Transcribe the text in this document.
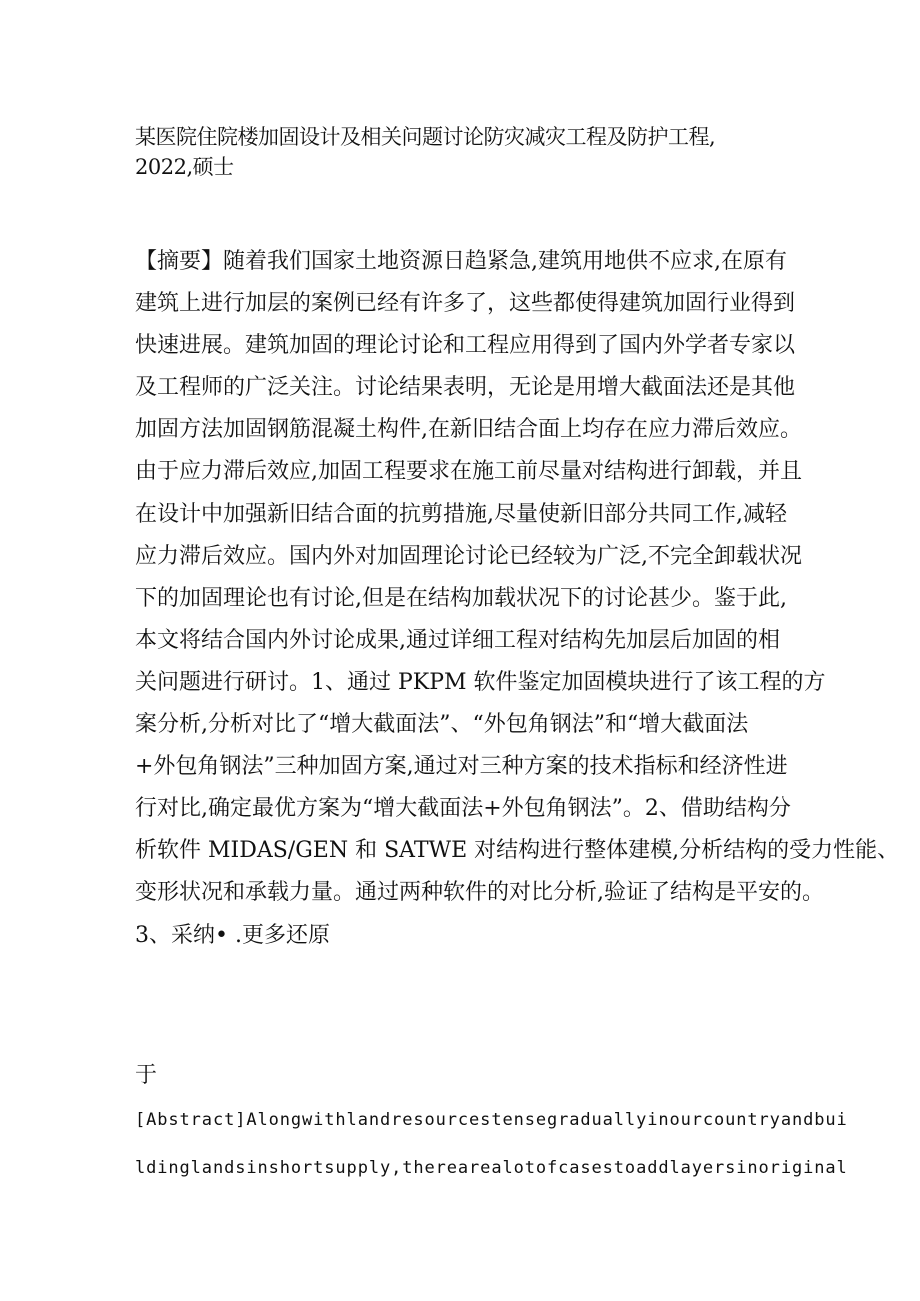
某医院住院楼加固设计及相关问题讨论防灾减灾工程及防护工程,
2022,硕士
【摘要】随着我们国家土地资源日趋紧急,建筑用地供不应求,在原有
建筑上进行加层的案例已经有许多了，这些都使得建筑加固行业得到
快速进展。建筑加固的理论讨论和工程应用得到了国内外学者专家以
及工程师的广泛关注。讨论结果表明，无论是用增大截面法还是其他
加固方法加固钢筋混凝土构件,在新旧结合面上均存在应力滞后效应。
由于应力滞后效应,加固工程要求在施工前尽量对结构进行卸载，并且
在设计中加强新旧结合面的抗剪措施,尽量使新旧部分共同工作,减轻
应力滞后效应。国内外对加固理论讨论已经较为广泛,不完全卸载状况
下的加固理论也有讨论,但是在结构加载状况下的讨论甚少。鉴于此,
本文将结合国内外讨论成果,通过详细工程对结构先加层后加固的相
关问题进行研讨。1、通过 PKPM 软件鉴定加固模块进行了该工程的方
案分析,分析对比了“增大截面法”、“外包角钢法”和“增大截面法
+外包角钢法”三种加固方案,通过对三种方案的技术指标和经济性进
行对比,确定最优方案为“增大截面法+外包角钢法”。2、借助结构分
析软件 MIDAS/GEN 和 SATWE 对结构进行整体建模,分析结构的受力性能、
变形状况和承载力量。通过两种软件的对比分析,验证了结构是平安的。
3、采纳• .更多还原

于

[Abstract]Alongwithlandresourcestensegraduallyinourcountryandbui

ldinglandsinshortsupply,therearealotofcasestoaddlayersinoriginal
